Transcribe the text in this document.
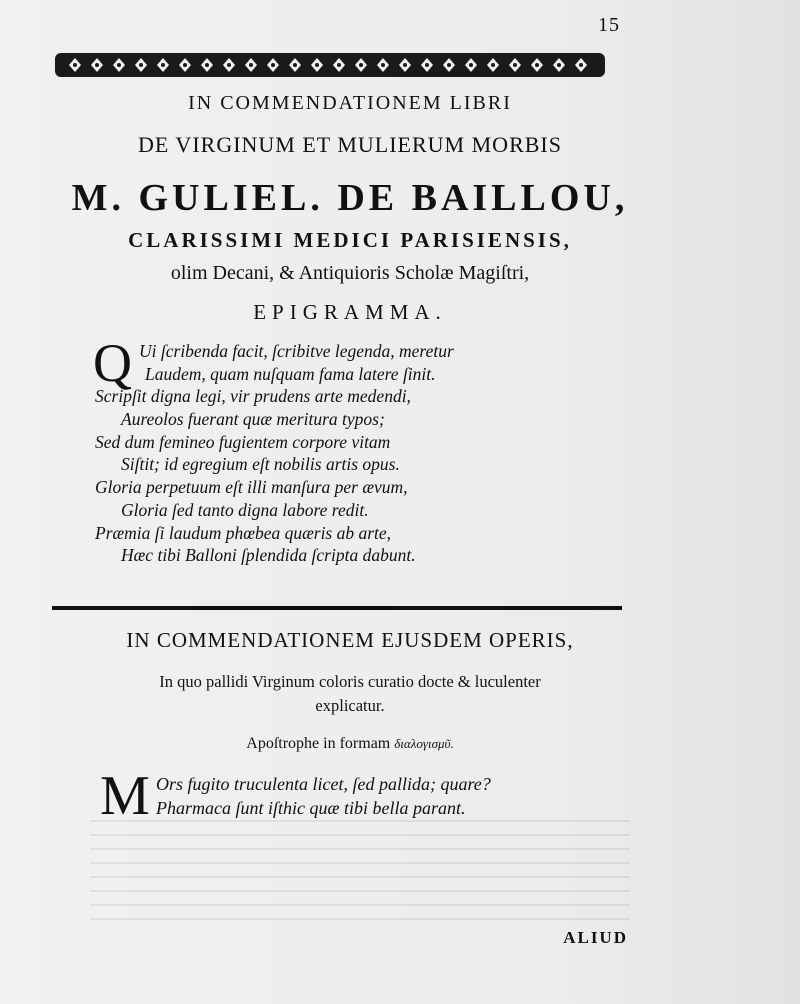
15
IN COMMENDATIONEM LIBRI
DE VIRGINUM ET MULIERUM MORBIS
M. GULIEL. DE BAILLOU,
CLARISSIMI MEDICI PARISIENSIS,
olim Decani, & Antiquioris Scholæ Magiſtri,
EPIGRAMMA.
Q Ui ſcribenda facit, ſcribitve legenda, meretur
Laudem, quam nuſquam fama latere ſinit.
Scripſit digna legi, vir prudens arte medendi,
Aureolos fuerant quæ meritura typos;
Sed dum femineo fugientem corpore vitam
Siſtit; id egregium eſt nobilis artis opus.
Gloria perpetuum eſt illi manſura per ævum,
Gloria ſed tanto digna labore redit.
Præmia ſi laudum phœbea quæris ab arte,
Hæc tibi Balloni ſplendida ſcripta dabunt.
IN COMMENDATIONEM EJUSDEM OPERIS,
In quo pallidi Virginum coloris curatio docte & luculenter
explicatur.
Apoſtrophe in formam διαλογισμῦ.
M Ors fugito truculenta licet, ſed pallida; quare?
Pharmaca ſunt iſthic quæ tibi bella parant.
ALIUD
